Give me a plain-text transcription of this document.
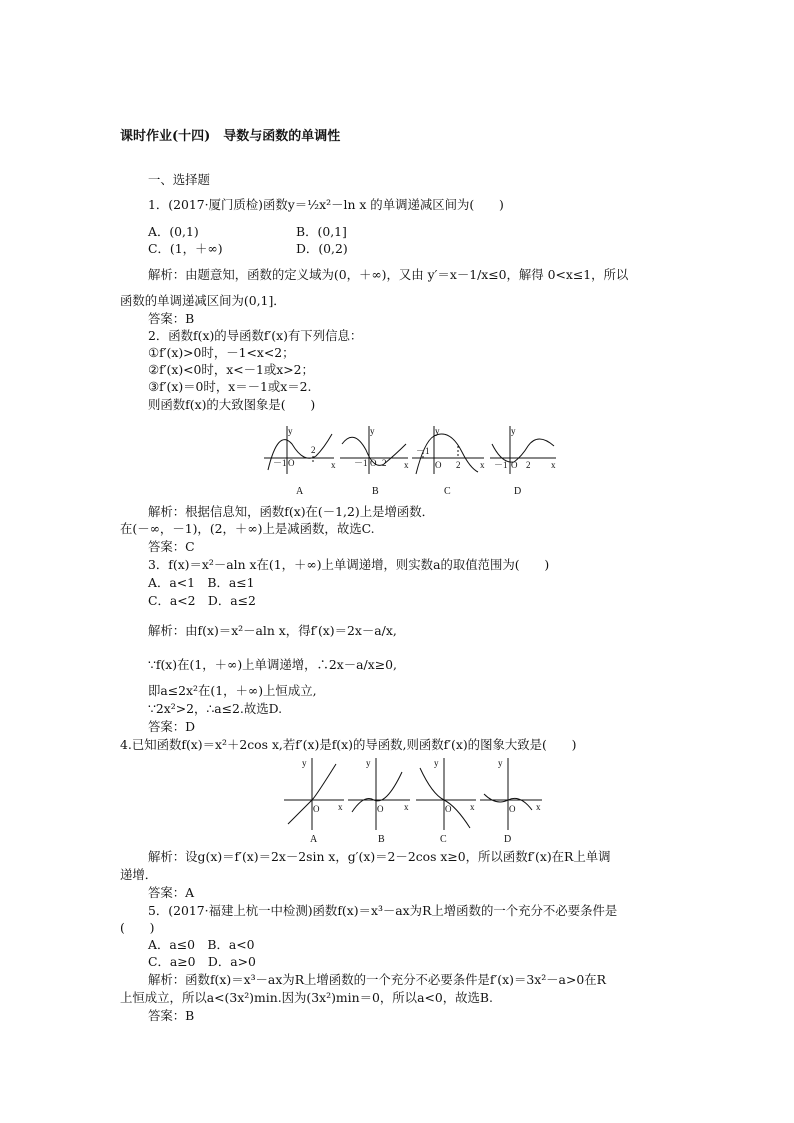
课时作业(十四)　导数与函数的单调性
一、选择题
1．(2017·厦门质检)函数y＝½x²－ln x 的单调递减区间为(　　)
A．(0,1)	B．(0,1]
C．(1，＋∞)	D．(0,2)
解析：由题意知，函数的定义域为(0，＋∞)，又由 y′＝x－1/x≤0，解得 0<x≤1，所以
函数的单调递减区间为(0,1]．
答案：B
2．函数f(x)的导函数f′(x)有下列信息：
①f′(x)>0时，－1<x<2；
②f′(x)<0时，x<－1或x>2；
③f′(x)＝0时，x＝－1或x＝2.
则函数f(x)的大致图象是(　　)
y
x
－1 O
2
y
x
－1 O 2
y
x
－1
O 2
y
x
－1 O 2
A	B	C	D
解析：根据信息知，函数f(x)在(－1,2)上是增函数．
在(－∞，－1)，(2，＋∞)上是减函数，故选C.
答案：C
3．f(x)＝x²－aln x在(1，＋∞)上单调递增，则实数a的取值范围为(　　)
A．a<1　B．a≤1
C．a<2　D．a≤2
解析：由f(x)＝x²－aln x，得f′(x)＝2x－a/x,
∵f(x)在(1，＋∞)上单调递增，∴2x－a/x≥0,
即a≤2x²在(1，＋∞)上恒成立,
∵2x²>2，∴a≤2.故选D.
答案：D
4.已知函数f(x)＝x²＋2cos x,若f′(x)是f(x)的导函数,则函数f′(x)的图象大致是(　　)
y
x
O
y
x
O
y
x
O
y
x
O
A	B	C	D
解析：设g(x)＝f′(x)＝2x－2sin x，g′(x)＝2－2cos x≥0，所以函数f′(x)在R上单调
递增．
答案：A
5．(2017·福建上杭一中检测)函数f(x)＝x³－ax为R上增函数的一个充分不必要条件是
(　　)
A．a≤0　B．a<0
C．a≥0　D．a>0
解析：函数f(x)＝x³－ax为R上增函数的一个充分不必要条件是f′(x)＝3x²－a>0在R
上恒成立，所以a<(3x²)min.因为(3x²)min＝0，所以a<0，故选B.
答案：B
